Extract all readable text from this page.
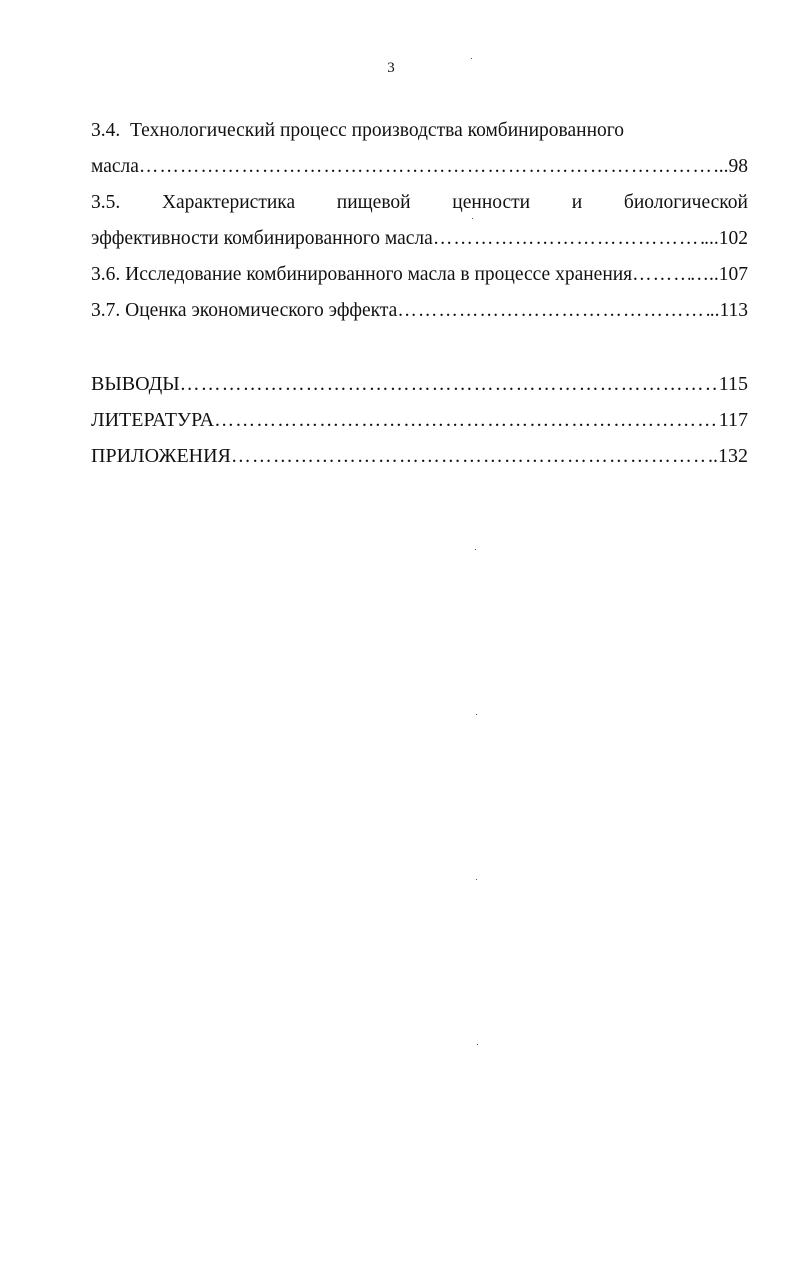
3
3.4.  Технологический процесс производства комбинированного
масла …………………………………………………………………………………………………………………………………………………………………………	..98
3.5. Характеристика пищевой ценности и биологической
эффективности комбинированного масла …………………………………………………………………………………………………………………………………………………………………………	...102
3.6. Исследование комбинированного масла в процессе хранения …………………………………………………………………………………………………………………………………………………………………………	…..107
3.7. Оценка экономического эффекта …………………………………………………………………………………………………………………………………………………………………………	..113
ВЫВОДЫ …………………………………………………………………………………………………………………………………………………………………………	115
ЛИТЕРАТУРА …………………………………………………………………………………………………………………………………………………………………………	117
ПРИЛОЖЕНИЯ …………………………………………………………………………………………………………………………………………………………………………	..132
